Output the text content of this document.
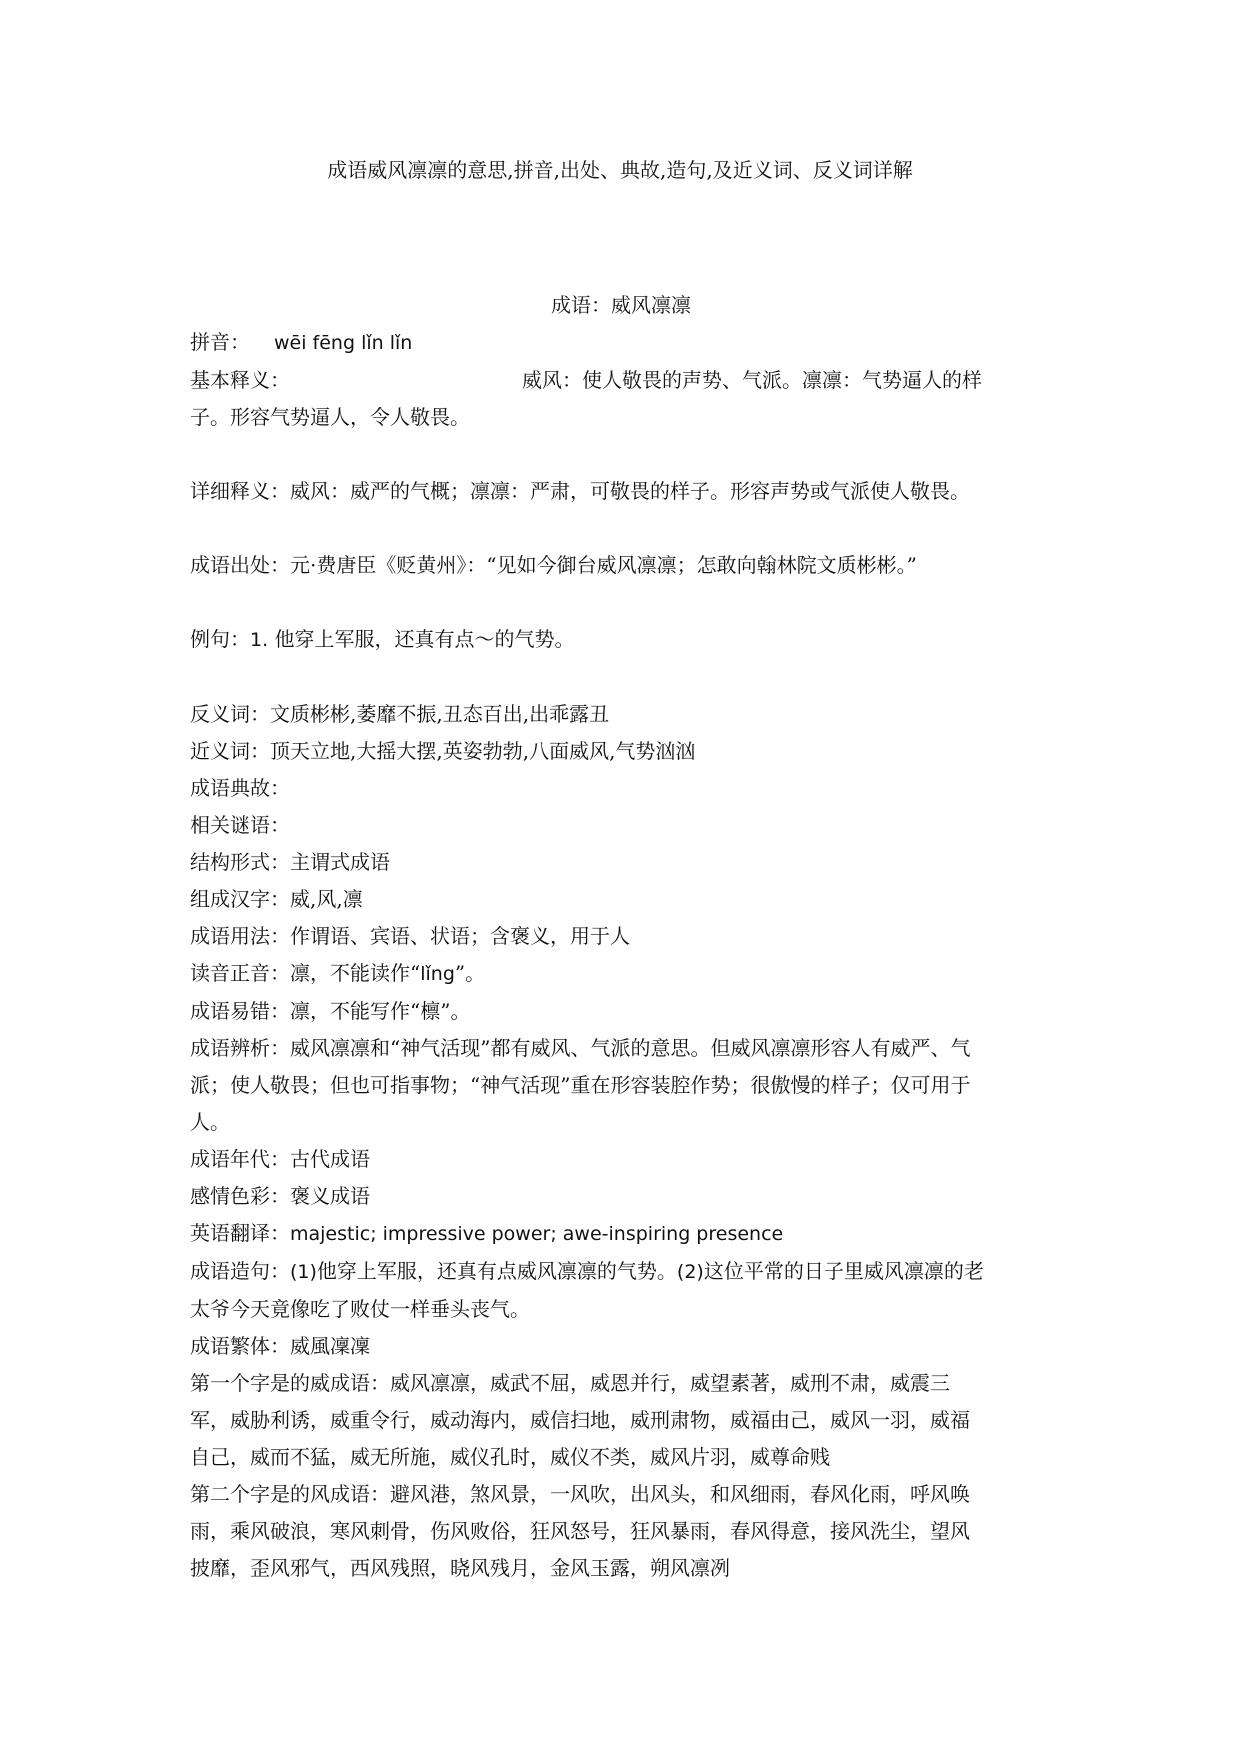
成语威风凛凛的意思,拼音,出处、典故,造句,及近义词、反义词详解
成语：威风凛凛
拼音： wēi fēng lǐn lǐn
基本释义：	威风：使人敬畏的声势、气派。凛凛：气势逼人的样
子。形容气势逼人，令人敬畏。
详细释义：威风：威严的气概；凛凛：严肃，可敬畏的样子。形容声势或气派使人敬畏。
成语出处：元·费唐臣《贬黄州》：“见如今御台威风凛凛；怎敢向翰林院文质彬彬。”
例句：1. 他穿上军服，还真有点～的气势。
反义词：文质彬彬,萎靡不振,丑态百出,出乖露丑
近义词：顶天立地,大摇大摆,英姿勃勃,八面威风,气势汹汹
成语典故：
相关谜语：
结构形式：主谓式成语
组成汉字：威,风,凛
成语用法：作谓语、宾语、状语；含褒义，用于人
读音正音：凛，不能读作“lǐng”。
成语易错：凛，不能写作“檩”。
成语辨析：威风凛凛和“神气活现”都有威风、气派的意思。但威风凛凛形容人有威严、气
派；使人敬畏；但也可指事物；“神气活现”重在形容装腔作势；很傲慢的样子；仅可用于
人。
成语年代：古代成语
感情色彩：褒义成语
英语翻译：majestic; impressive power; awe-inspiring presence
成语造句：(1)他穿上军服，还真有点威风凛凛的气势。(2)这位平常的日子里威风凛凛的老
太爷今天竟像吃了败仗一样垂头丧气。
成语繁体：威風凜凜
第一个字是的威成语：威风凛凛，威武不屈，威恩并行，威望素著，威刑不肃，威震三
军，威胁利诱，威重令行，威动海内，威信扫地，威刑肃物，威福由己，威风一羽，威福
自己，威而不猛，威无所施，威仪孔时，威仪不类，威风片羽，威尊命贱
第二个字是的风成语：避风港，煞风景，一风吹，出风头，和风细雨，春风化雨，呼风唤
雨，乘风破浪，寒风刺骨，伤风败俗，狂风怒号，狂风暴雨，春风得意，接风洗尘，望风
披靡，歪风邪气，西风残照，晓风残月，金风玉露，朔风凛冽
